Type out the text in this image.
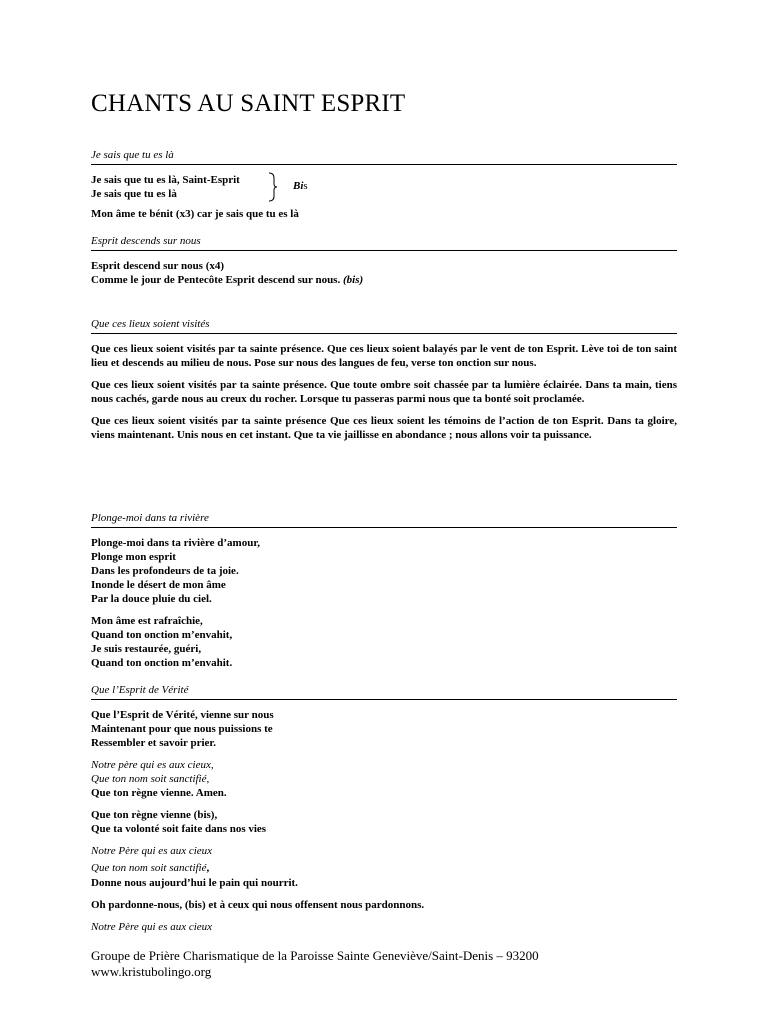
CHANTS AU SAINT ESPRIT
Je sais que tu es là

Je sais que tu es là, Saint-Esprit

Je sais que tu es là

Bis

Mon âme te bénit (x3) car je sais que tu es là

Esprit descends sur nous

Esprit descend sur nous (x4)

Comme le jour de Pentecôte Esprit descend sur nous. (bis)

Que ces lieux soient visités

Que ces lieux soient visités par ta sainte présence. Que ces lieux soient balayés par le vent de ton Esprit. Lève toi de ton saint lieu et descends au milieu de nous. Pose sur nous des langues de feu, verse ton onction sur nous.

Que ces lieux soient visités par ta sainte présence. Que toute ombre soit chassée par ta lumière éclairée. Dans ta main, tiens nous cachés, garde nous au creux du rocher. Lorsque tu passeras parmi nous que ta bonté soit proclamée.

Que ces lieux soient visités par ta sainte présence Que ces lieux soient les témoins de l’action de ton Esprit. Dans ta gloire, viens maintenant. Unis nous en cet instant. Que ta vie jaillisse en abondance ; nous allons voir ta puissance.

Plonge-moi dans ta rivière

Plonge-moi dans ta rivière d’amour,

Plonge mon esprit

Dans les profondeurs de ta joie.

Inonde le désert de mon âme

Par la douce pluie du ciel.

Mon âme est rafraîchie,

Quand ton onction m’envahit,

Je suis restaurée, guéri,

Quand ton onction m’envahit.

Que l’Esprit de Vérité

Que l’Esprit de Vérité, vienne sur nous

Maintenant pour que nous puissions te

Ressembler et savoir prier.

Notre père qui es aux cieux,

Que ton nom soit sanctifié,

Que ton règne vienne. Amen.

Que ton règne vienne (bis),

Que ta volonté soit faite dans nos vies

Notre Père qui es aux cieux

Que ton nom soit sanctifié,

Donne nous aujourd’hui le pain qui nourrit.

Oh pardonne-nous, (bis) et à ceux qui nous offensent nous pardonnons.

Notre Père qui es aux cieux

Groupe de Prière Charismatique de la Paroisse Sainte Geneviève/Saint-Denis – 93200
www.kristubolingo.org
